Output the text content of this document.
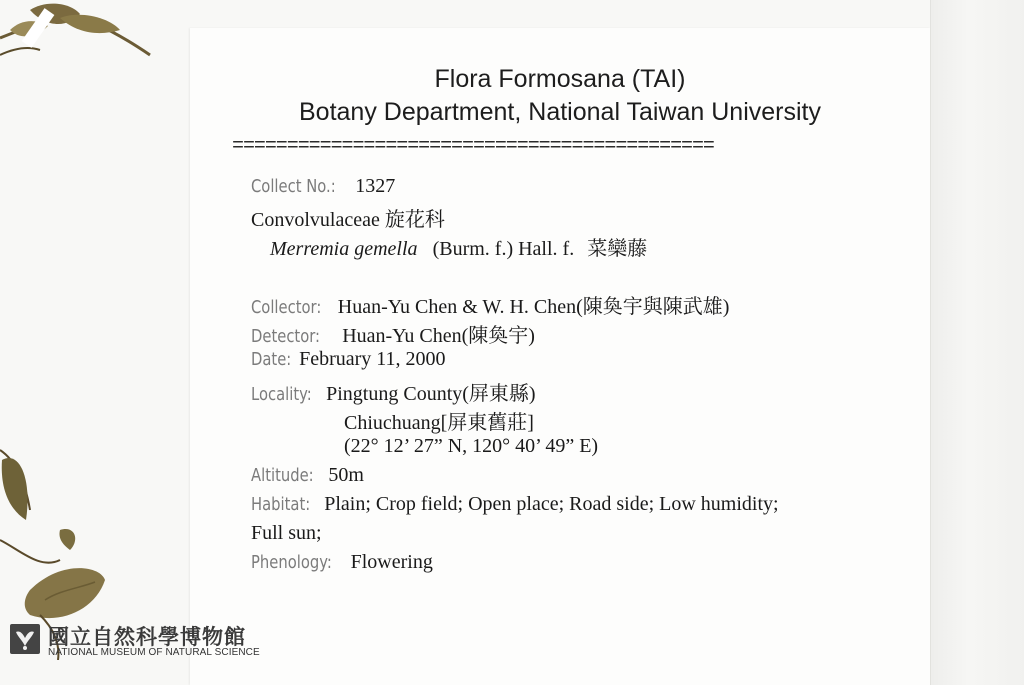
Flora Formosana (TAI)
Botany Department, National Taiwan University
============================================
Collect No.: 1327
Convolvulaceae 旋花科
Merremia gemella (Burm. f.) Hall. f. 菜欒藤
Collector: Huan-Yu Chen & W. H. Chen(陳奐宇與陳武雄)
Detector: Huan-Yu Chen(陳奐宇)
Date: February 11, 2000
Locality: Pingtung County(屏東縣)
Chiuchuang[屏東舊莊]
(22° 12’ 27” N, 120° 40’ 49” E)
Altitude: 50m
Habitat: Plain; Crop field; Open place; Road side; Low humidity;
Full sun;
Phenology: Flowering
國立自然科學博物館
NATIONAL MUSEUM OF NATURAL SCIENCE
